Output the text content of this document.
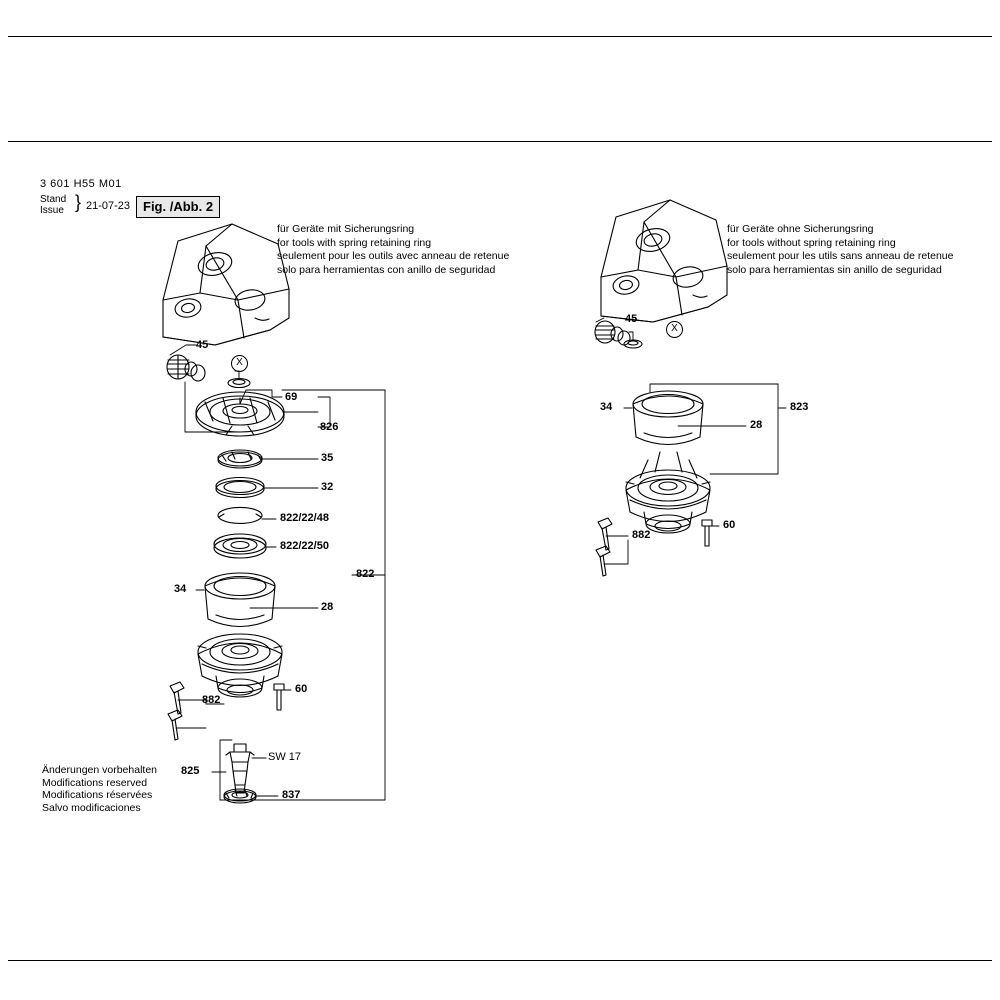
3 601 H55 M01
Stand
Issue } 21-07-23 Fig. /Abb. 2
für Geräte mit Sicherungsring
for tools with spring retaining ring
seulement pour les outils avec anneau de retenue
solo para herramientas con anillo de seguridad
für Geräte ohne Sicherungsring
for tools without spring retaining ring
seulement pour les utils sans anneau de retenue
solo para herramientas sin anillo de seguridad
Änderungen vorbehalten
Modifications reserved
Modifications réservées
Salvo modificaciones
45
X
69
826
35
32
822/22/48
822/22/50
822
34
28
60
882
825
837
SW 17
45
X
34	823
28
60
882
